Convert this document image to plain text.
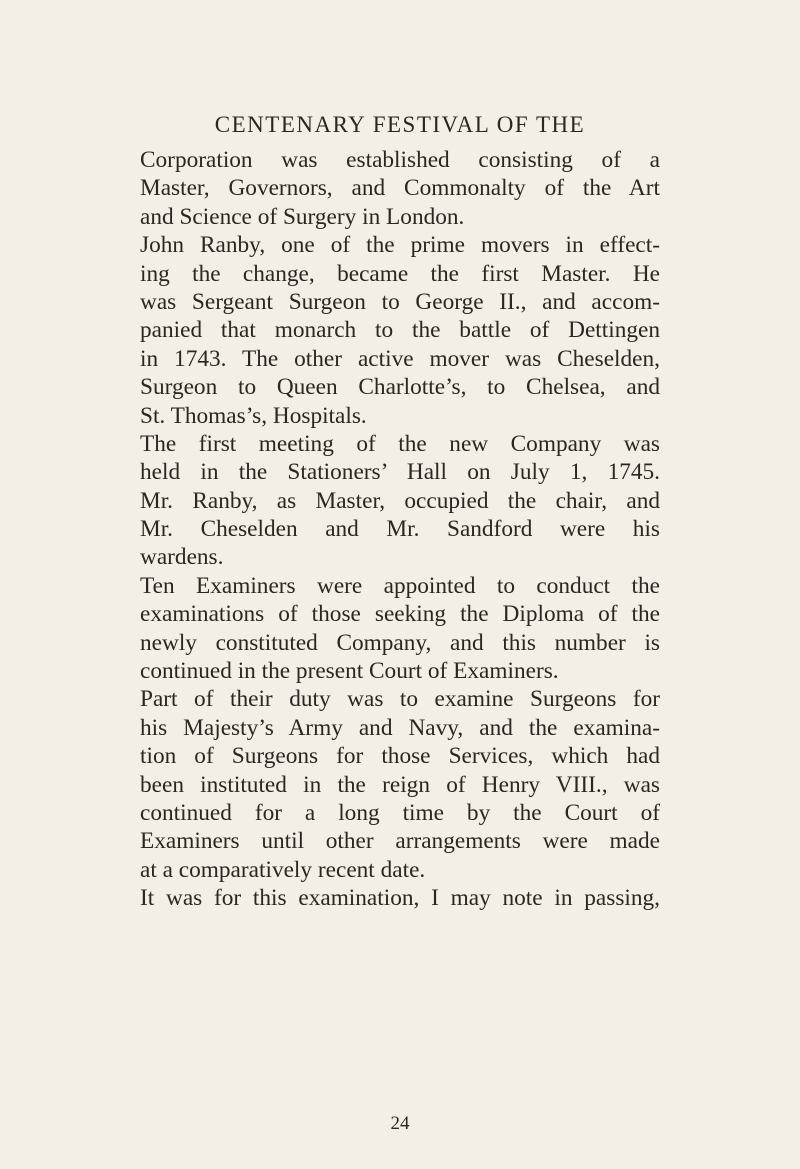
CENTENARY FESTIVAL OF THE
Corporation was established consisting of a
Master, Governors, and Commonalty of the Art
and Science of Surgery in London.
John Ranby, one of the prime movers in effect-
ing the change, became the first Master. He
was Sergeant Surgeon to George II., and accom-
panied that monarch to the battle of Dettingen
in 1743. The other active mover was Cheselden,
Surgeon to Queen Charlotte’s, to Chelsea, and
St. Thomas’s, Hospitals.
The first meeting of the new Company was
held in the Stationers’ Hall on July 1, 1745.
Mr. Ranby, as Master, occupied the chair, and
Mr. Cheselden and Mr. Sandford were his
wardens.
Ten Examiners were appointed to conduct the
examinations of those seeking the Diploma of the
newly constituted Company, and this number is
continued in the present Court of Examiners.
Part of their duty was to examine Surgeons for
his Majesty’s Army and Navy, and the examina-
tion of Surgeons for those Services, which had
been instituted in the reign of Henry VIII., was
continued for a long time by the Court of
Examiners until other arrangements were made
at a comparatively recent date.
It was for this examination, I may note in passing,
24
